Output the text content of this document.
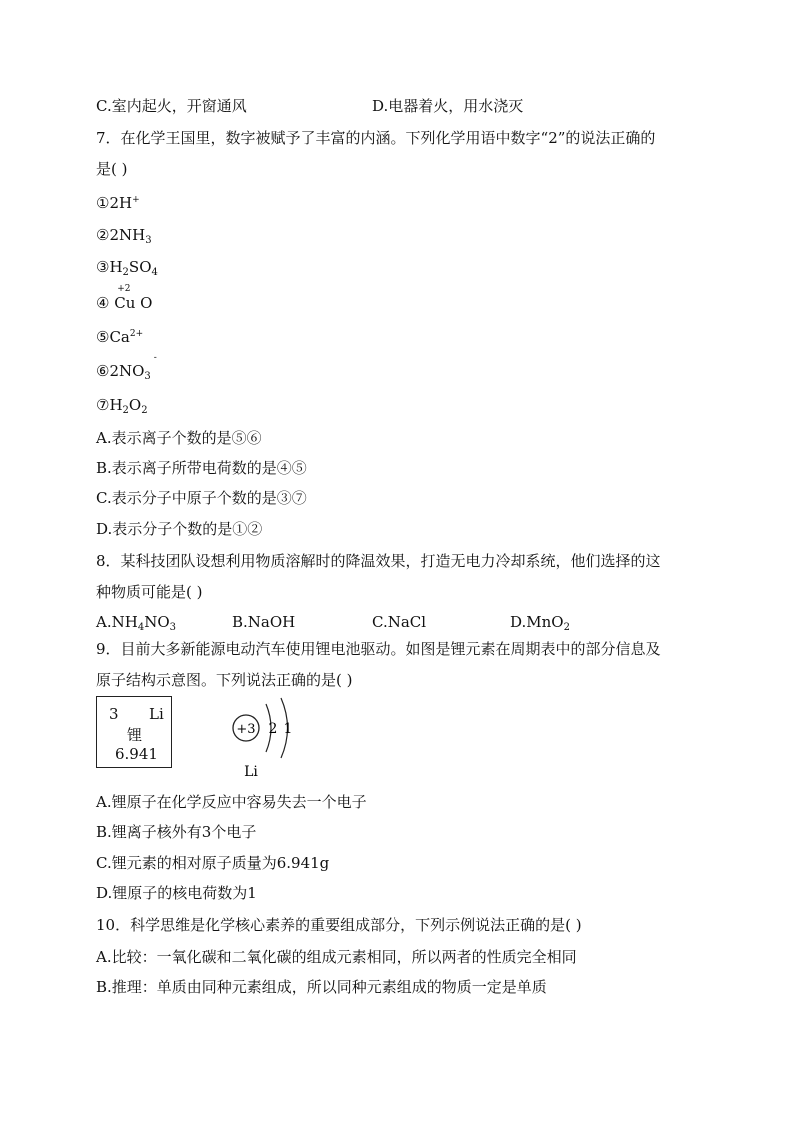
C.室内起火，开窗通风	D.电器着火，用水浇灭
7．在化学王国里，数字被赋予了丰富的内涵。下列化学用语中数字“2”的说法正确的
是( )
①2H+
$②2NH_3$
$③H_2SO_4$
④
+2
Cu O
$⑤Ca^{2+}$
$⑥2NO_3$
-
$⑦H_2O_2$
A.表示离子个数的是⑤⑥
B.表示离子所带电荷数的是④⑤
C.表示分子中原子个数的是③⑦
D.表示分子个数的是①②
8．某科技团队设想利用物质溶解时的降温效果，打造无电力冷却系统，他们选择的这
种物质可能是( )
$A.NH_4NO_3$	B.NaOH	C.NaCl	D.MnO$_2$
9．目前大多新能源电动汽车使用锂电池驱动。如图是锂元素在周期表中的部分信息及
原子结构示意图。下列说法正确的是( )
3 Li
锂
6.941
+3 2 1
Li
A.锂原子在化学反应中容易失去一个电子
B.锂离子核外有3个电子
C.锂元素的相对原子质量为6.941g
D.锂原子的核电荷数为1
10．科学思维是化学核心素养的重要组成部分，下列示例说法正确的是( )
A.比较：一氧化碳和二氧化碳的组成元素相同，所以两者的性质完全相同
B.推理：单质由同种元素组成，所以同种元素组成的物质一定是单质
